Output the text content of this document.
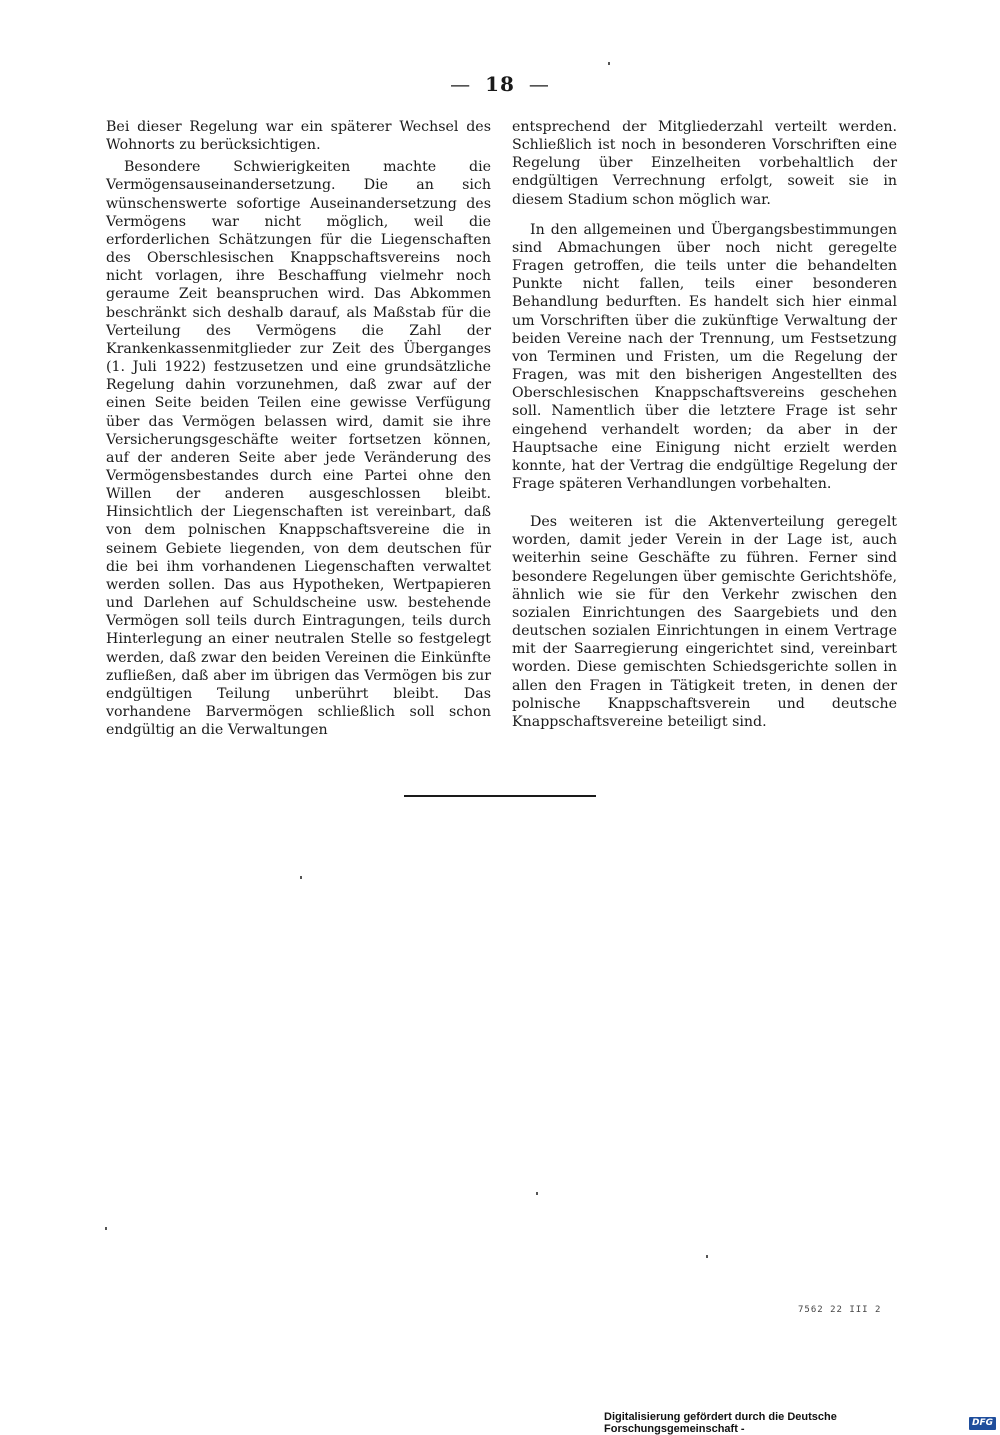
— 18 —

Bei dieser Regelung war ein späterer Wechsel des Wohnorts zu berücksichtigen.

Besondere Schwierigkeiten machte die Vermögensauseinandersetzung. Die an sich wünschenswerte sofortige Auseinandersetzung des Vermögens war nicht möglich, weil die erforderlichen Schätzungen für die Liegenschaften des Oberschlesischen Knappschaftsvereins noch nicht vorlagen, ihre Beschaffung vielmehr noch geraume Zeit beanspruchen wird. Das Abkommen beschränkt sich deshalb darauf, als Maßstab für die Verteilung des Vermögens die Zahl der Krankenkassenmitglieder zur Zeit des Überganges (1. Juli 1922) festzusetzen und eine grundsätzliche Regelung dahin vorzunehmen, daß zwar auf der einen Seite beiden Teilen eine gewisse Verfügung über das Vermögen belassen wird, damit sie ihre Versicherungsgeschäfte weiter fortsetzen können, auf der anderen Seite aber jede Veränderung des Vermögensbestandes durch eine Partei ohne den Willen der anderen ausgeschlossen bleibt. Hinsichtlich der Liegenschaften ist vereinbart, daß von dem polnischen Knappschaftsvereine die in seinem Gebiete liegenden, von dem deutschen für die bei ihm vorhandenen Liegenschaften verwaltet werden sollen. Das aus Hypotheken, Wertpapieren und Darlehen auf Schuldscheine usw. bestehende Vermögen soll teils durch Eintragungen, teils durch Hinterlegung an einer neutralen Stelle so festgelegt werden, daß zwar den beiden Vereinen die Einkünfte zufließen, daß aber im übrigen das Vermögen bis zur endgültigen Teilung unberührt bleibt. Das vorhandene Barvermögen schließlich soll schon endgültig an die Verwaltungen

entsprechend der Mitgliederzahl verteilt werden. Schließlich ist noch in besonderen Vorschriften eine Regelung über Einzelheiten vorbehaltlich der endgültigen Verrechnung erfolgt, soweit sie in diesem Stadium schon möglich war.

In den allgemeinen und Übergangsbestimmungen sind Abmachungen über noch nicht geregelte Fragen getroffen, die teils unter die behandelten Punkte nicht fallen, teils einer besonderen Behandlung bedurften. Es handelt sich hier einmal um Vorschriften über die zukünftige Verwaltung der beiden Vereine nach der Trennung, um Festsetzung von Terminen und Fristen, um die Regelung der Fragen, was mit den bisherigen Angestellten des Oberschlesischen Knappschaftsvereins geschehen soll. Namentlich über die letztere Frage ist sehr eingehend verhandelt worden; da aber in der Hauptsache eine Einigung nicht erzielt werden konnte, hat der Vertrag die endgültige Regelung der Frage späteren Verhandlungen vorbehalten.

Des weiteren ist die Aktenverteilung geregelt worden, damit jeder Verein in der Lage ist, auch weiterhin seine Geschäfte zu führen. Ferner sind besondere Regelungen über gemischte Gerichtshöfe, ähnlich wie sie für den Verkehr zwischen den sozialen Einrichtungen des Saargebiets und den deutschen sozialen Einrichtungen in einem Vertrage mit der Saarregierung eingerichtet sind, vereinbart worden. Diese gemischten Schiedsgerichte sollen in allen den Fragen in Tätigkeit treten, in denen der polnische Knappschaftsverein und deutsche Knappschaftsvereine beteiligt sind.

7562 22 III 2
Digitalisierung gefördert durch die Deutsche Forschungsgemeinschaft -
DFG
